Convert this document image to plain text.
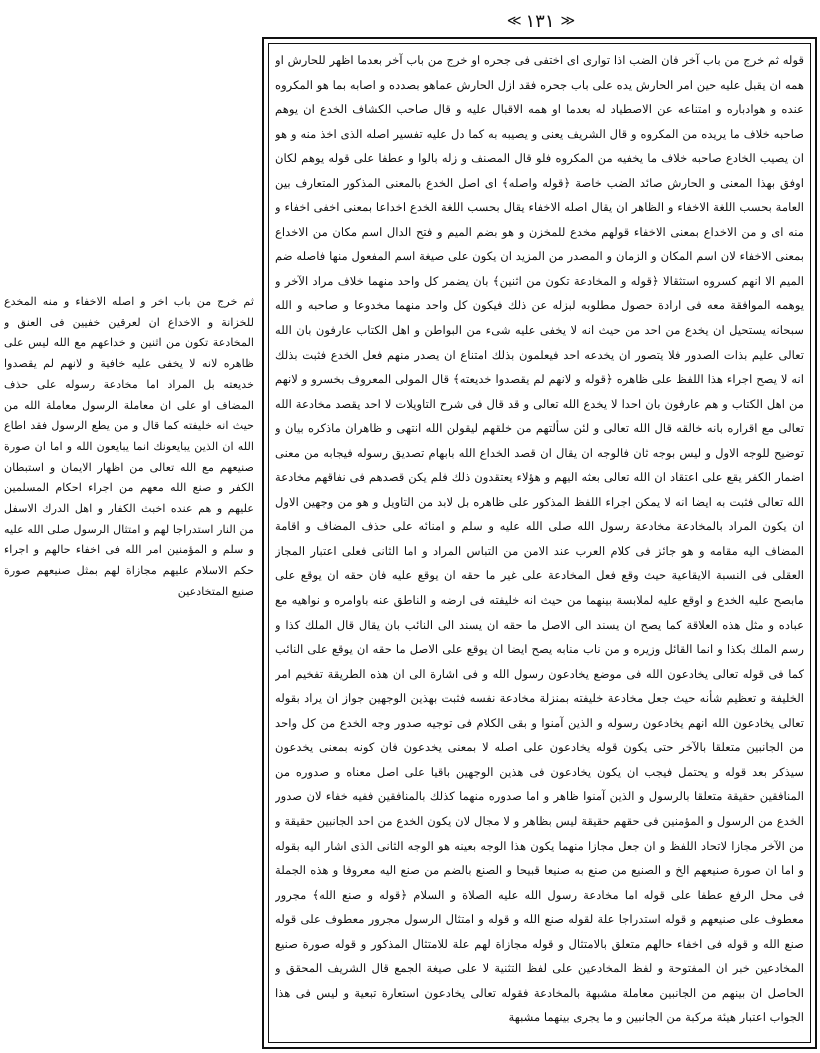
≪ ١٣١ ≫

قوله ثم خرج من باب آخر فان الضب اذا توارى اى اختفى فى جحره او خرج من باب آخر بعدما اظهر للحارش او همه ان يقبل عليه حين امر الحارش يده على باب جحره فقد ازل الحارش عماهو بصدده و اصابه بما هو المكروه عنده و هوادباره و امتناعه عن الاصطياد له بعدما او همه الاقبال عليه و قال صاحب الكشاف الخدع ان يوهم صاحبه خلاف ما يريده من المكروه و قال الشريف يعنى و يصيبه به كما دل عليه تفسير اصله الذى اخذ منه و هو ان يصيب الخادع صاحبه خلاف ما يخفيه من المكروه فلو قال المصنف و زله بالوا و عطفا على قوله يوهم لكان اوفق بهذا المعنى و الحارش صائد الضب خاصة ﴿قوله واصله﴾ اى اصل الخدع بالمعنى المذكور المتعارف بين العامة بحسب اللغة الاخفاء و الظاهر ان يقال اصله الاخفاء يقال بحسب اللغة الخدع اخداعا بمعنى اخفى اخفاء و منه اى و من الاخداع بمعنى الاخفاء قولهم مخدع للمخزن و هو بضم الميم و فتح الدال اسم مكان من الاخداع بمعنى الاخفاء لان اسم المكان و الزمان و المصدر من المزيد ان يكون على صيغة اسم المفعول منها فاصله ضم الميم الا انهم كسروه استثقالا ﴿قوله و المخادعة تكون من اثنين﴾ بان يضمر كل واحد منهما خلاف مراد الآخر و يوهمه الموافقة معه فى ارادة حصول مطلوبه لبزله عن ذلك فيكون كل واحد منهما مخدوعا و صاحبه و الله سبحانه يستحيل ان يخدع من احد من حيث انه لا يخفى عليه شىء من البواطن و اهل الكتاب عارفون بان الله تعالى عليم بذات الصدور فلا يتصور ان يخدعه احد فيعلمون بذلك امتناع ان يصدر منهم فعل الخدع فثبت بذلك انه لا يصح اجراء هذا اللفظ على ظاهره ﴿قوله و لانهم لم يقصدوا خديعته﴾ قال المولى المعروف بخسرو و لانهم من اهل الكتاب و هم عارفون بان احدا لا يخدع الله تعالى و قد قال فى شرح التاويلات لا احد يقصد مخادعة الله تعالى مع اقراره بانه خالقه قال الله تعالى و لئن سألتهم من خلقهم ليقولن الله انتهى و ظاهران ماذكره بيان و توضيح للوجه الاول و ليس بوجه ثان فالوجه ان يقال ان قصد الخداع الله بابهام تصديق رسوله فيجابه من معنى اضمار الكفر يقع على اعتقاد ان الله تعالى بعثه اليهم و هؤلاء يعتقدون ذلك فلم يكن قصدهم فى نفاقهم مخادعة الله تعالى فثبت به ايضا انه لا يمكن اجراء اللفظ المذكور على ظاهره بل لابد من التاويل و هو من وجهين الاول ان يكون المراد بالمخادعة مخادعة رسول الله صلى الله عليه و سلم و امنائه على حذف المضاف و اقامة المضاف اليه مقامه و هو جائز فى كلام العرب عند الامن من التباس المراد و اما الثانى فعلى اعتبار المجاز العقلى فى النسبة الايقاعية حيث وقع فعل المخادعة على غير ما حقه ان يوقع عليه فان حقه ان يوقع على مابصح عليه الخدع و اوقع عليه لملابسة بينهما من حيث انه خليفته فى ارضه و الناطق عنه باوامره و نواهيه مع عباده و مثل هذه العلاقة كما يصح ان يسند الى الاصل ما حقه ان يسند الى النائب بان يقال قال الملك كذا و رسم الملك بكذا و انما القائل وزيره و من ناب منابه يصح ايضا ان يوقع على الاصل ما حقه ان يوقع على النائب كما فى قوله تعالى يخادعون الله فى موضع يخادعون رسول الله و فى اشارة الى ان هذه الطريقة تفخيم امر الخليفة و تعظيم شأنه حيث جعل مخادعة خليفته بمنزلة مخادعة نفسه فثبت بهذين الوجهين جواز ان يراد بقوله تعالى يخادعون الله انهم يخادعون رسوله و الذين آمنوا و بقى الكلام فى توجيه صدور وجه الخدع من كل واحد من الجانبين متعلقا بالآخر حتى يكون قوله يخادعون على اصله لا بمعنى يخدعون فان كونه بمعنى يخدعون سيذكر بعد قوله و يحتمل فيجب ان يكون يخادعون فى هذين الوجهين باقيا على اصل معناه و صدوره من المنافقين حقيقة متعلقا بالرسول و الذين آمنوا ظاهر و اما صدوره منهما كذلك بالمنافقين ففيه خفاء لان صدور الخدع من الرسول و المؤمنين فى حقهم حقيقة ليس بظاهر و لا مجال لان يكون الخدع من احد الجانبين حقيقة و من الآخر مجازا لاتحاد اللفظ و ان جعل مجازا منهما يكون هذا الوجه بعينه هو الوجه الثانى الذى اشار اليه بقوله و اما ان صورة صنيعهم الخ و الصنيع من صنع به صنيعا قبيحا و الصنع بالضم من صنع اليه معروفا و هذه الجملة فى محل الرفع عطفا على قوله اما مخادعة رسول الله عليه الصلاة و السلام ﴿قوله و صنع الله﴾ مجرور معطوف على صنيعهم و قوله استدراجا علة لقوله صنع الله و قوله و امتثال الرسول مجرور معطوف على قوله صنع الله و قوله فى اخفاء حالهم متعلق بالامتثال و قوله مجازاة لهم علة للامتثال المذكور و قوله صورة صنيع المخادعين خبر ان المفتوحة و لفظ المخادعين على لفظ التثنية لا على صيغة الجمع قال الشريف المحقق و الحاصل ان بينهم من الجانبين معاملة مشبهة بالمخادعة فقوله تعالى يخادعون استعارة تبعية و ليس فى هذا الجواب اعتبار هيئة مركبة من الجانبين و ما يجرى بينهما مشبهة

ثم خرج من باب اخر و اصله الاخفاء و منه المخدع للخزانة و الاخداع ان لعرقين خفيين فى العنق و المخادعة تكون من اثنين و خداعهم مع الله ليس على ظاهره لانه لا يخفى عليه خافية و لانهم لم يقصدوا خديعته بل المراد اما مخادعة رسوله على حذف المضاف او على ان معاملة الرسول معاملة الله من حيث انه خليفته كما قال و من يطع الرسول فقد اطاع الله ان الذين يبايعونك انما يبايعون الله و اما ان صورة صنيعهم مع الله تعالى من اظهار الايمان و استبطان الكفر و صنع الله معهم من اجراء احكام المسلمين عليهم و هم عنده اخبث الكفار و اهل الدرك الاسفل من النار استدراجا لهم و امتثال الرسول صلى الله عليه و سلم و المؤمنين امر الله فى اخفاء حالهم و اجراء حكم الاسلام عليهم مجازاة لهم بمثل صنيعهم صورة صنيع المتخادعين
